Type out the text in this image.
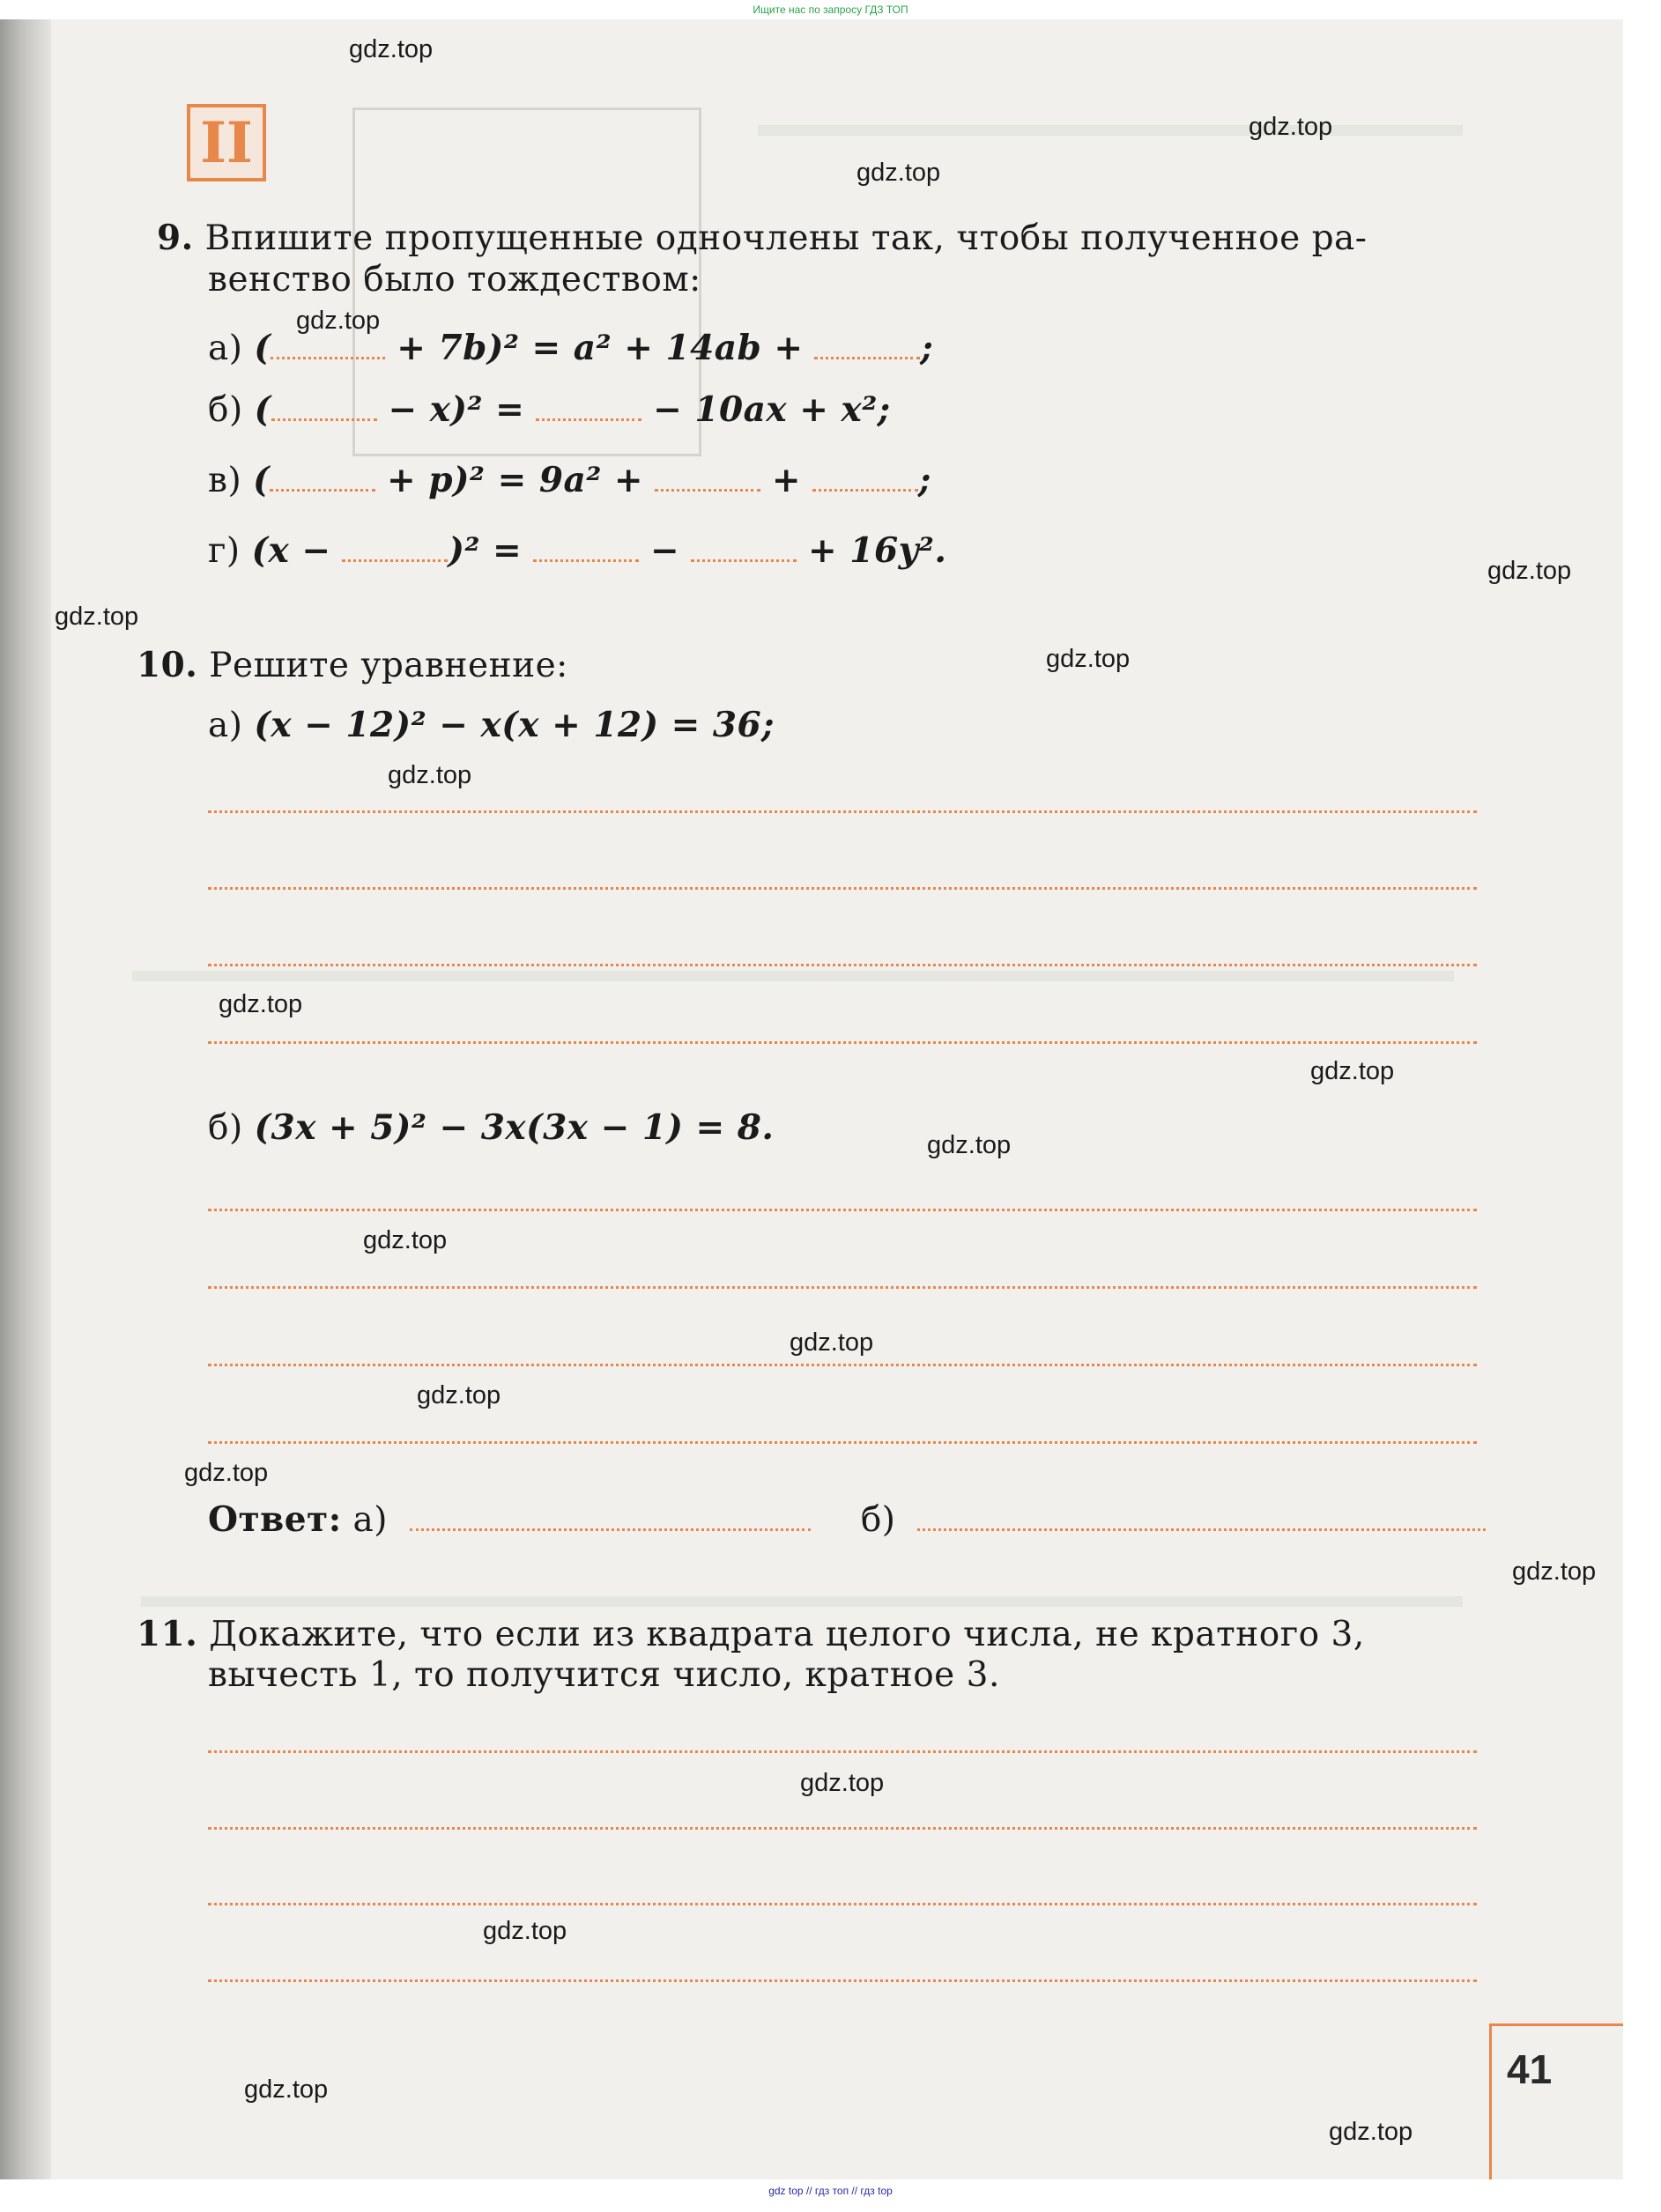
Ищите нас по запросу ГДЗ ТОП
II
9. Впишите пропущенные одночлены так, чтобы полученное ра-
венство было тождеством:
а) (	+ 7b)² = a² + 14ab +	;
б) (	− x)² =	− 10ax + x²;
в) (	+ p)² = 9a² +	+	;
г) (x −	)² =	−	+ 16y².
10. Решите уравнение:
а) (x − 12)² − x(x + 12) = 36;
б) (3x + 5)² − 3x(3x − 1) = 8.
Ответ: а)	б)
11. Докажите, что если из квадрата целого числа, не кратного 3,
вычесть 1, то получится число, кратное 3.
41
gdz.top
gdz.top
gdz.top
gdz.top
gdz.top
gdz.top
gdz.top
gdz.top
gdz.top
gdz.top
gdz.top
gdz.top
gdz.top
gdz.top
gdz.top
gdz.top
gdz.top
gdz.top
gdz.top
gdz.top
gdz top // гдз топ // гдз top
